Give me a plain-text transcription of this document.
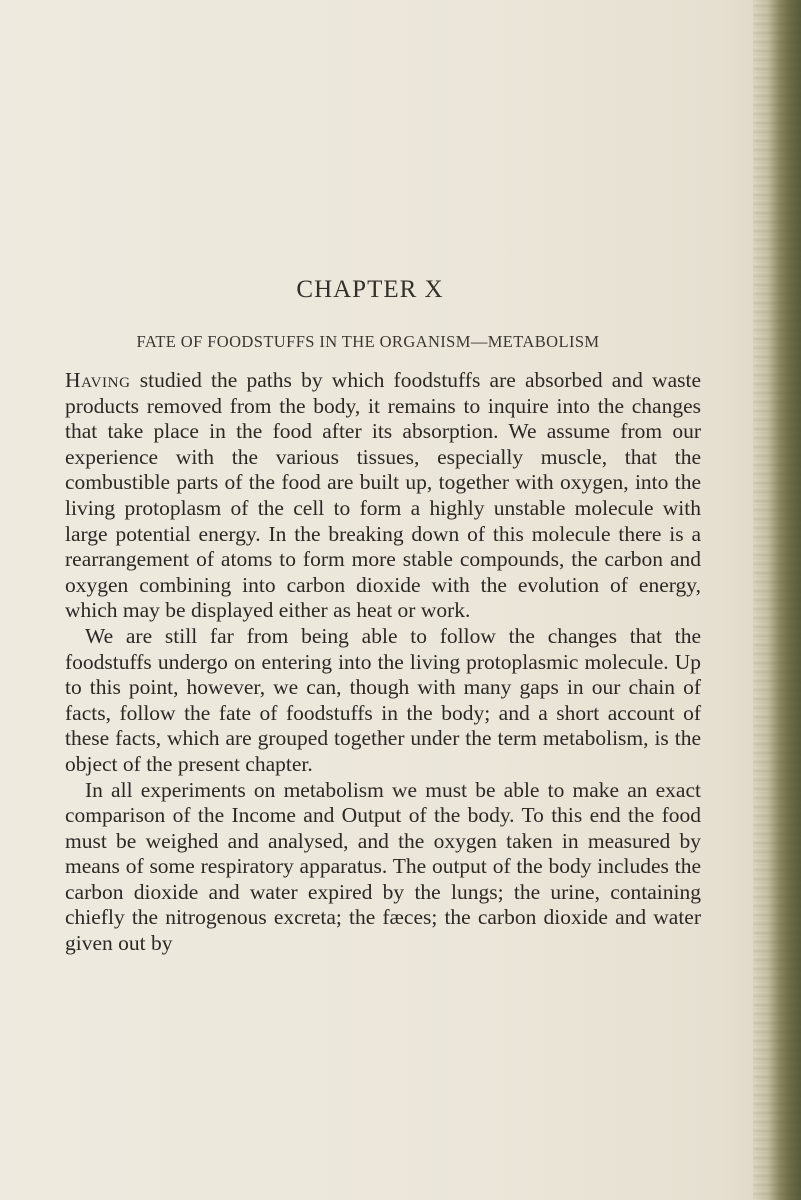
CHAPTER X
FATE OF FOODSTUFFS IN THE ORGANISM—METABOLISM

Having studied the paths by which foodstuffs are absorbed and waste products removed from the body, it remains to inquire into the changes that take place in the food after its absorption. We assume from our experience with the various tissues, especially muscle, that the combustible parts of the food are built up, together with oxygen, into the living protoplasm of the cell to form a highly unstable molecule with large potential energy. In the breaking down of this molecule there is a rearrangement of atoms to form more stable compounds, the carbon and oxygen combining into carbon dioxide with the evolution of energy, which may be displayed either as heat or work.

We are still far from being able to follow the changes that the foodstuffs undergo on entering into the living protoplasmic molecule. Up to this point, however, we can, though with many gaps in our chain of facts, follow the fate of foodstuffs in the body; and a short account of these facts, which are grouped together under the term metabolism, is the object of the present chapter.

In all experiments on metabolism we must be able to make an exact comparison of the Income and Output of the body. To this end the food must be weighed and analysed, and the oxygen taken in measured by means of some respiratory apparatus. The output of the body includes the carbon dioxide and water expired by the lungs; the urine, containing chiefly the nitrogenous excreta; the fæces; the carbon dioxide and water given out by
